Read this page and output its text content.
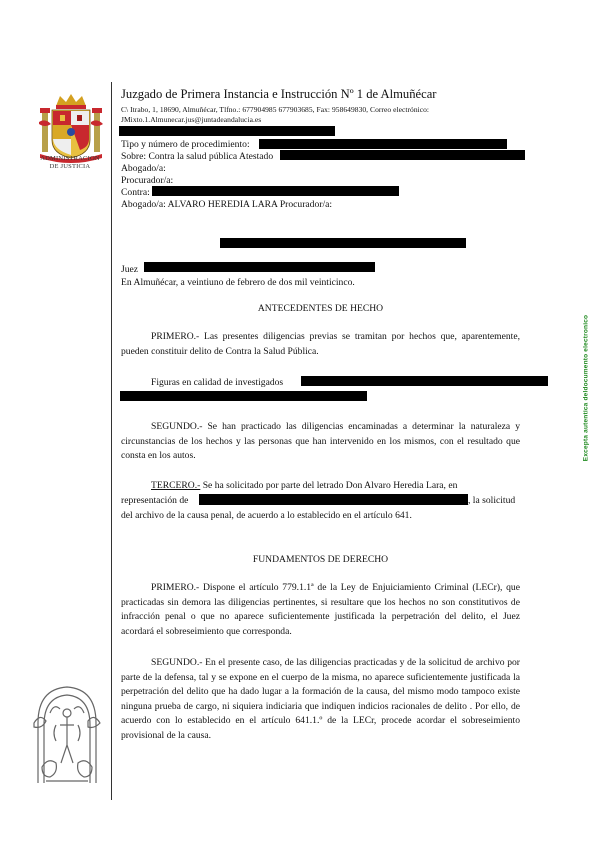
ADMINISTRACION
DE JUSTICIA
Juzgado de Primera Instancia e Instrucción Nº 1 de Almuñécar
C\ Itrabo, 1, 18690, Almuñécar, Tlfno.: 677904985 677903685, Fax: 958649830, Correo electrónico:
JMixto.1.Almunecar.jus@juntadeandalucia.es
Tipo y número de procedimiento:
Sobre: Contra la salud pública Atestado
Abogado/a:
Procurador/a:
Contra:
Abogado/a: ALVARO HEREDIA LARA Procurador/a:
Juez
En Almuñécar, a veintiuno de febrero de dos mil veinticinco.
ANTECEDENTES DE HECHO
PRIMERO.- Las presentes diligencias previas se tramitan por hechos que, aparentemente, pueden constituir delito de Contra la Salud Pública.
Figuras en calidad de investigados
SEGUNDO.- Se han practicado las diligencias encaminadas a determinar la naturaleza y circunstancias de los hechos y las personas que han intervenido en los mismos, con el resultado que consta en los autos.
TERCERO.- Se ha solicitado por parte del letrado Don Alvaro Heredia Lara, en
representación de	, la solicitud
del archivo de la causa penal, de acuerdo a lo establecido en el artículo 641.
FUNDAMENTOS DE DERECHO
PRIMERO.- Dispone el artículo 779.1.1ª de la Ley de Enjuiciamiento Criminal (LECr), que practicadas sin demora las diligencias pertinentes, si resultare que los hechos no son constitutivos de infracción penal o que no aparece suficientemente justificada la perpetración del delito, el Juez acordará el sobreseimiento que corresponda.
SEGUNDO.- En el presente caso, de las diligencias practicadas y de la solicitud de archivo por parte de la defensa, tal y se expone en el cuerpo de la misma, no aparece suficientemente justificada la perpetración del delito que ha dado lugar a la formación de la causa, del mismo modo tampoco existe ninguna prueba de cargo, ni siquiera indiciaria que indiquen indicios racionales de delito . Por ello, de acuerdo con lo establecido en el artículo 641.1.º de la LECr, procede acordar el sobreseimiento provisional de la causa.
Excepta autentica deldocumento electronico
